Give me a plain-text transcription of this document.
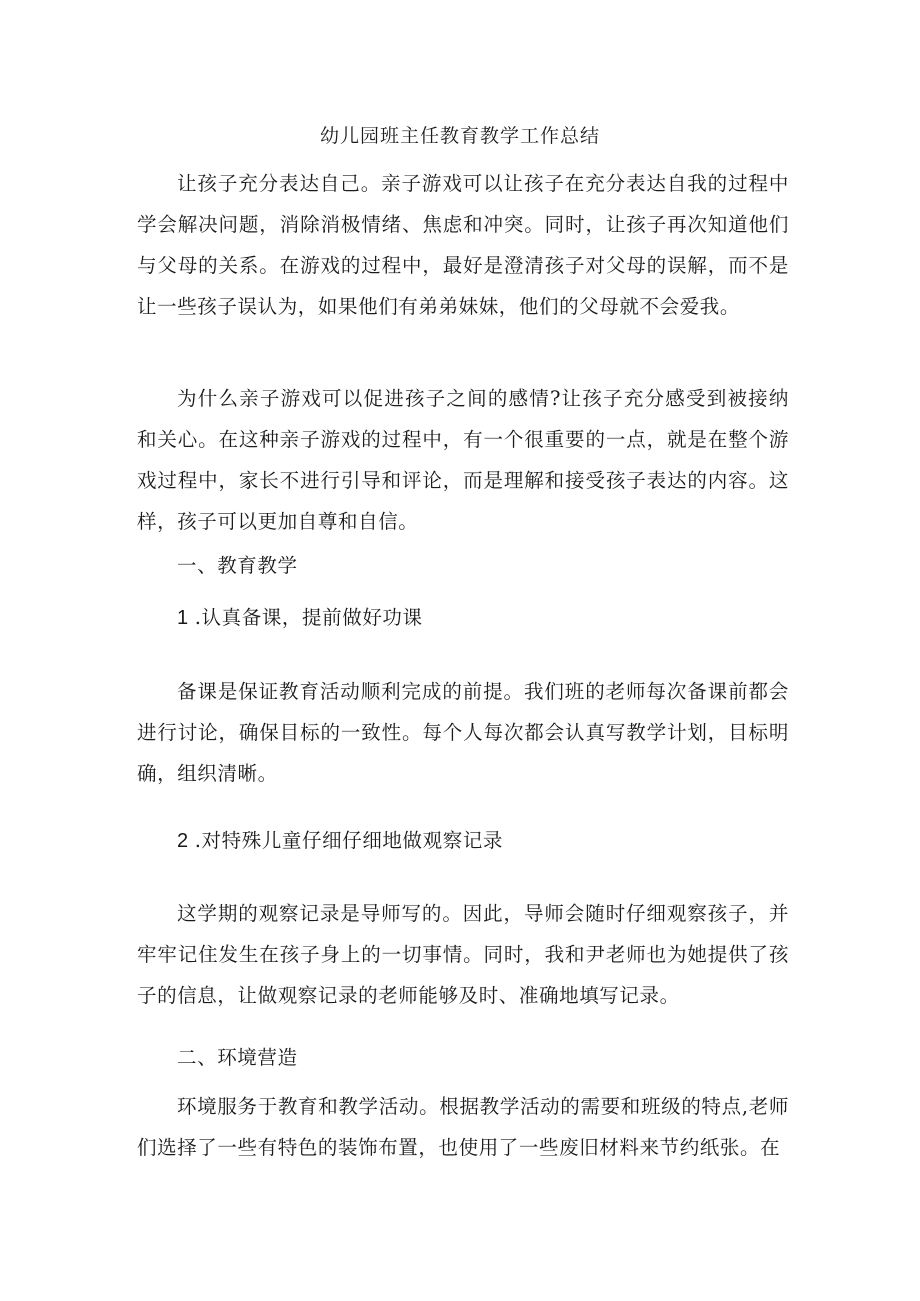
幼儿园班主任教育教学工作总结

让孩子充分表达自己。亲子游戏可以让孩子在充分表达自我的过程中学会解决问题，消除消极情绪、焦虑和冲突。同时，让孩子再次知道他们与父母的关系。在游戏的过程中，最好是澄清孩子对父母的误解，而不是让一些孩子误认为，如果他们有弟弟妹妹，他们的父母就不会爱我。

为什么亲子游戏可以促进孩子之间的感情?让孩子充分感受到被接纳和关心。在这种亲子游戏的过程中，有一个很重要的一点，就是在整个游戏过程中，家长不进行引导和评论，而是理解和接受孩子表达的内容。这样，孩子可以更加自尊和自信。

一、教育教学
1 .认真备课，提前做好功课

备课是保证教育活动顺利完成的前提。我们班的老师每次备课前都会进行讨论，确保目标的一致性。每个人每次都会认真写教学计划，目标明确，组织清晰。

2 .对特殊儿童仔细仔细地做观察记录

这学期的观察记录是导师写的。因此，导师会随时仔细观察孩子，并牢牢记住发生在孩子身上的一切事情。同时，我和尹老师也为她提供了孩子的信息，让做观察记录的老师能够及时、准确地填写记录。

二、环境营造

环境服务于教育和教学活动。根据教学活动的需要和班级的特点,老师们选择了一些有特色的装饰布置，也使用了一些废旧材料来节约纸张。在
